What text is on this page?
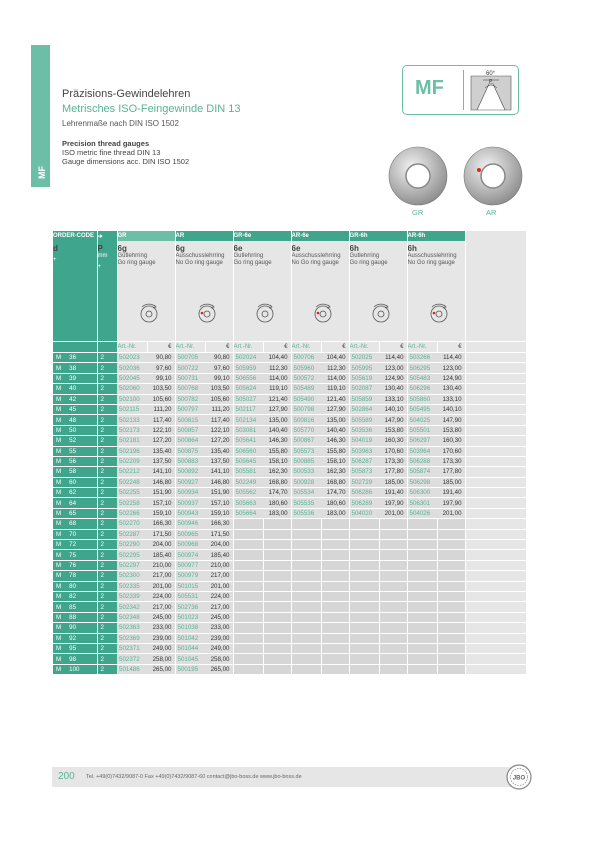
MF
Präzisions-Gewindelehren
Metrisches ISO-Feingewinde DIN 13
Lehrenmaße nach DIN ISO 1502
Precision thread gauges
ISO metric fine thread DIN 13
Gauge dimensions acc. DIN ISO 1502
MF
60°
P
GR	AR
ORDER-CODE	➔	GR		AR		GR-6e		AR-6e		GR-6h		AR-6h		

d
+	P
mm
+	6g
Gutlehrring
Go ring gauge		6g
Ausschusslehrring
No Go ring gauge		6e
Gutlehrring
Go ring gauge		6e
Ausschusslehrring
No Go ring gauge		6h
Gutlehrring
Go ring gauge		6h
Ausschusslehrring
No Go ring gauge		

		Art.-Nr.	€	Art.-Nr.	€	Art.-Nr.	€	Art.-Nr.	€	Art.-Nr.	€	Art.-Nr.	€	
M 36	2	502023	90,80	500705	90,80	502024	104,40	500706	104,40	502025	114,40	503266	114,40	
M 38	2	502036	97,60	500722	97,60	505959	112,30	505960	112,30	505995	123,00	506295	123,00	
M 39	2	502045	99,10	500731	99,10	506556	114,00	500572	114,00	505619	124,90	505483	124,90	
M 40	2	502060	103,50	500768	103,50	505624	119,10	505489	119,10	502087	130,40	506296	130,40	
M 42	2	502100	105,60	500782	105,60	505027	121,40	505490	121,40	505859	133,10	505860	133,10	
M 45	2	502115	111,20	500797	111,20	502117	127,90	500798	127,90	502864	140,10	505495	140,10	
M 48	2	502133	117,40	500815	117,40	502134	135,00	500816	135,00	505589	147,90	504025	147,90	
M 50	2	502173	122,10	500857	122,10	503081	140,40	505770	140,40	503536	153,80	505501	153,80	
M 52	2	502181	127,20	500864	127,20	505641	146,30	500867	146,30	504019	160,30	506297	160,30	
M 55	2	502196	135,40	500875	135,40	506560	155,80	505573	155,80	503963	170,60	503964	170,60	
M 56	2	502209	137,50	500883	137,50	505645	158,10	500885	158,10	506287	173,30	506288	173,30	
M 58	2	502212	141,10	500892	141,10	505581	162,30	500533	162,30	505873	177,80	505874	177,80	
M 60	2	502248	146,80	500927	146,80	502249	168,80	500928	168,80	502729	185,00	506298	185,00	
M 62	2	502255	151,90	500934	151,90	505562	174,70	505534	174,70	506286	191,40	506300	191,40	
M 64	2	502258	157,10	500937	157,10	505663	180,60	505535	180,60	506289	197,90	506301	197,90	
M 65	2	502266	159,10	500943	159,10	505664	183,00	505536	183,00	504020	201,00	504026	201,00	
M 68	2	502270	166,30	500946	166,30									
M 70	2	502287	171,50	500965	171,50									
M 72	2	502290	204,00	500968	204,00									
M 75	2	502295	185,40	500974	185,40									
M 76	2	502297	210,00	500977	210,00									
M 78	2	502300	217,00	500979	217,00									
M 80	2	502335	201,00	501015	201,00									
M 82	2	502339	224,00	505531	224,00									
M 85	2	502342	217,00	502736	217,00									
M 88	2	502348	245,00	501023	245,00									
M 90	2	502363	233,00	501038	233,00									
M 92	2	502369	239,00	501042	239,00									
M 95	2	502371	249,00	501044	249,00									
M 98	2	502372	258,00	501045	258,00									
M 100	2	501486	265,00	500195	265,00									
200 Tel. +49(0)7432/9087-0 Fax +49(0)7432/9087-60 contact@jbo-boss.de www.jbo-boss.de	JBO
